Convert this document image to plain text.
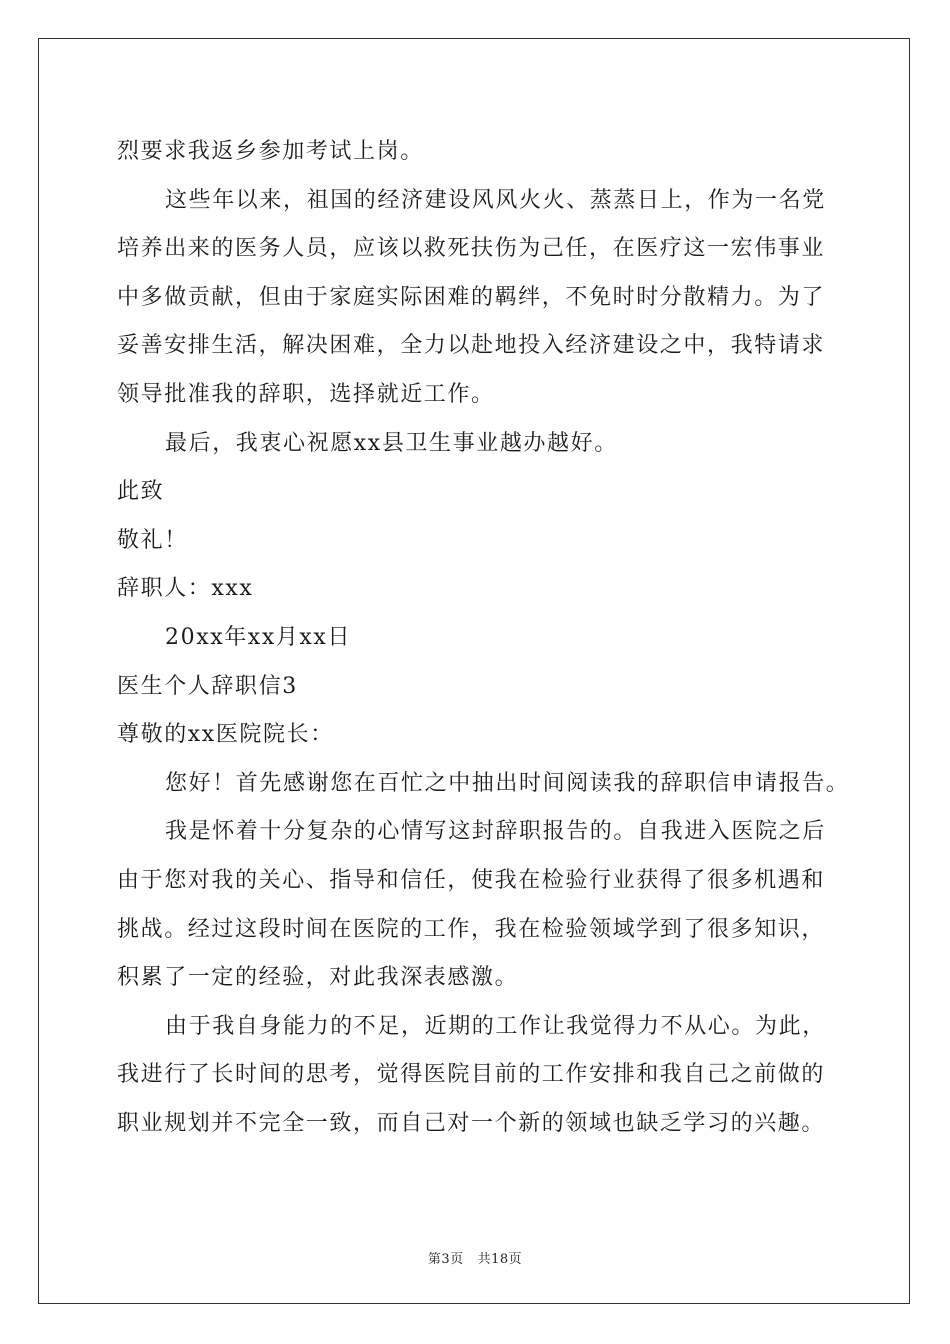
烈要求我返乡参加考试上岗。
这些年以来，祖国的经济建设风风火火、蒸蒸日上，作为一名党
培养出来的医务人员，应该以救死扶伤为己任，在医疗这一宏伟事业
中多做贡献，但由于家庭实际困难的羁绊，不免时时分散精力。为了
妥善安排生活，解决困难，全力以赴地投入经济建设之中，我特请求
领导批准我的辞职，选择就近工作。
最后，我衷心祝愿xx县卫生事业越办越好。
此致
敬礼！
辞职人：xxx
20xx年xx月xx日
医生个人辞职信3
尊敬的xx医院院长：
您好！首先感谢您在百忙之中抽出时间阅读我的辞职信申请报告。
我是怀着十分复杂的心情写这封辞职报告的。自我进入医院之后
由于您对我的关心、指导和信任，使我在检验行业获得了很多机遇和
挑战。经过这段时间在医院的工作，我在检验领域学到了很多知识，
积累了一定的经验，对此我深表感激。
由于我自身能力的不足，近期的工作让我觉得力不从心。为此，
我进行了长时间的思考，觉得医院目前的工作安排和我自己之前做的
职业规划并不完全一致，而自己对一个新的领域也缺乏学习的兴趣。
第3页 共18页
